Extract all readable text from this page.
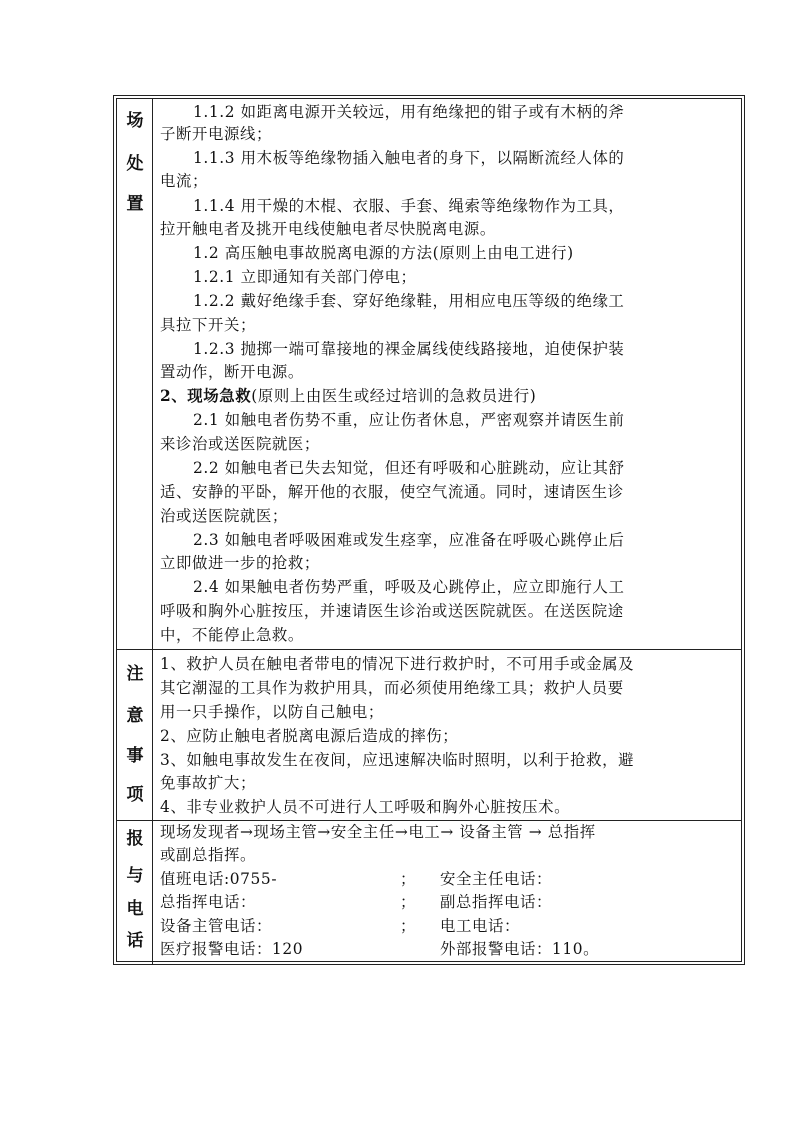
场
处
置
1.1.2 如距离电源开关较远，用有绝缘把的钳子或有木柄的斧
子断开电源线；
1.1.3 用木板等绝缘物插入触电者的身下，以隔断流经人体的
电流；
1.1.4 用干燥的木棍、衣服、手套、绳索等绝缘物作为工具，
拉开触电者及挑开电线使触电者尽快脱离电源。
1.2 高压触电事故脱离电源的方法(原则上由电工进行)
1.2.1 立即通知有关部门停电；
1.2.2 戴好绝缘手套、穿好绝缘鞋，用相应电压等级的绝缘工
具拉下开关；
1.2.3 抛掷一端可靠接地的裸金属线使线路接地，迫使保护装
置动作，断开电源。
2、现场急救(原则上由医生或经过培训的急救员进行)
2.1 如触电者伤势不重，应让伤者休息，严密观察并请医生前
来诊治或送医院就医；
2.2 如触电者已失去知觉，但还有呼吸和心脏跳动，应让其舒
适、安静的平卧，解开他的衣服，使空气流通。同时，速请医生诊
治或送医院就医；
2.3 如触电者呼吸困难或发生痉挛，应准备在呼吸心跳停止后
立即做进一步的抢救；
2.4 如果触电者伤势严重，呼吸及心跳停止，应立即施行人工
呼吸和胸外心脏按压，并速请医生诊治或送医院就医。在送医院途
中，不能停止急救。
注
意
事
项
1、救护人员在触电者带电的情况下进行救护时，不可用手或金属及
其它潮湿的工具作为救护用具，而必须使用绝缘工具；救护人员要
用一只手操作，以防自己触电；
2、应防止触电者脱离电源后造成的摔伤；
3、如触电事故发生在夜间，应迅速解决临时照明，以利于抢救，避
免事故扩大；
4、非专业救护人员不可进行人工呼吸和胸外心脏按压术。
报
与
电
话
现场发现者→现场主管→安全主任→电工→ 设备主管 → 总指挥
或副总指挥。
值班电话:0755-	； 安全主任电话：
总指挥电话：	； 副总指挥电话：
设备主管电话：	； 电工电话：
医疗报警电话：120	外部报警电话：110。
